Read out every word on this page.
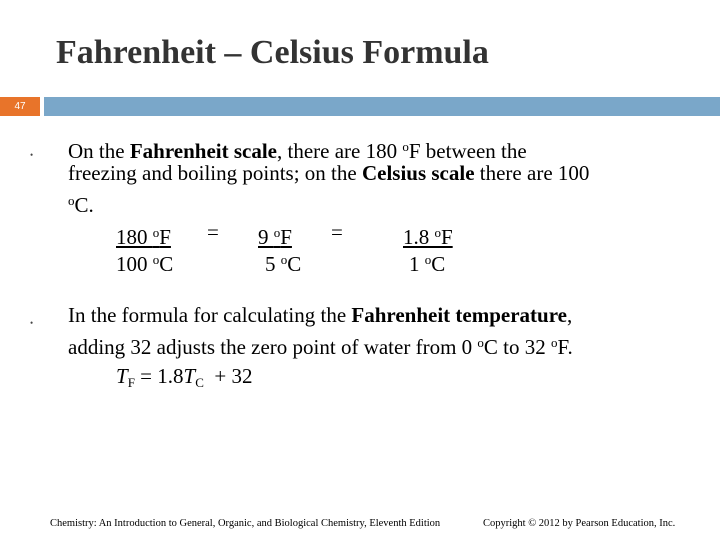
Fahrenheit – Celsius Formula
47
• On the Fahrenheit scale, there are 180 $^o$F between the
freezing and boiling points; on the Celsius scale there are 100
$^o$C.
180 $^o$F
100 $^o$C
= 9 $^o$F
5 $^o$C
=	1.8 $^o$F
1 $^o$C
• In the formula for calculating the Fahrenheit temperature,
adding 32 adjusts the zero point of water from 0 $^o$C to 32 $^o$F.
$T_F = 1.8T_C + 32$
Chemistry: An Introduction to General, Organic, and Biological Chemistry, Eleventh Edition	Copyright © 2012 by Pearson Education, Inc.
